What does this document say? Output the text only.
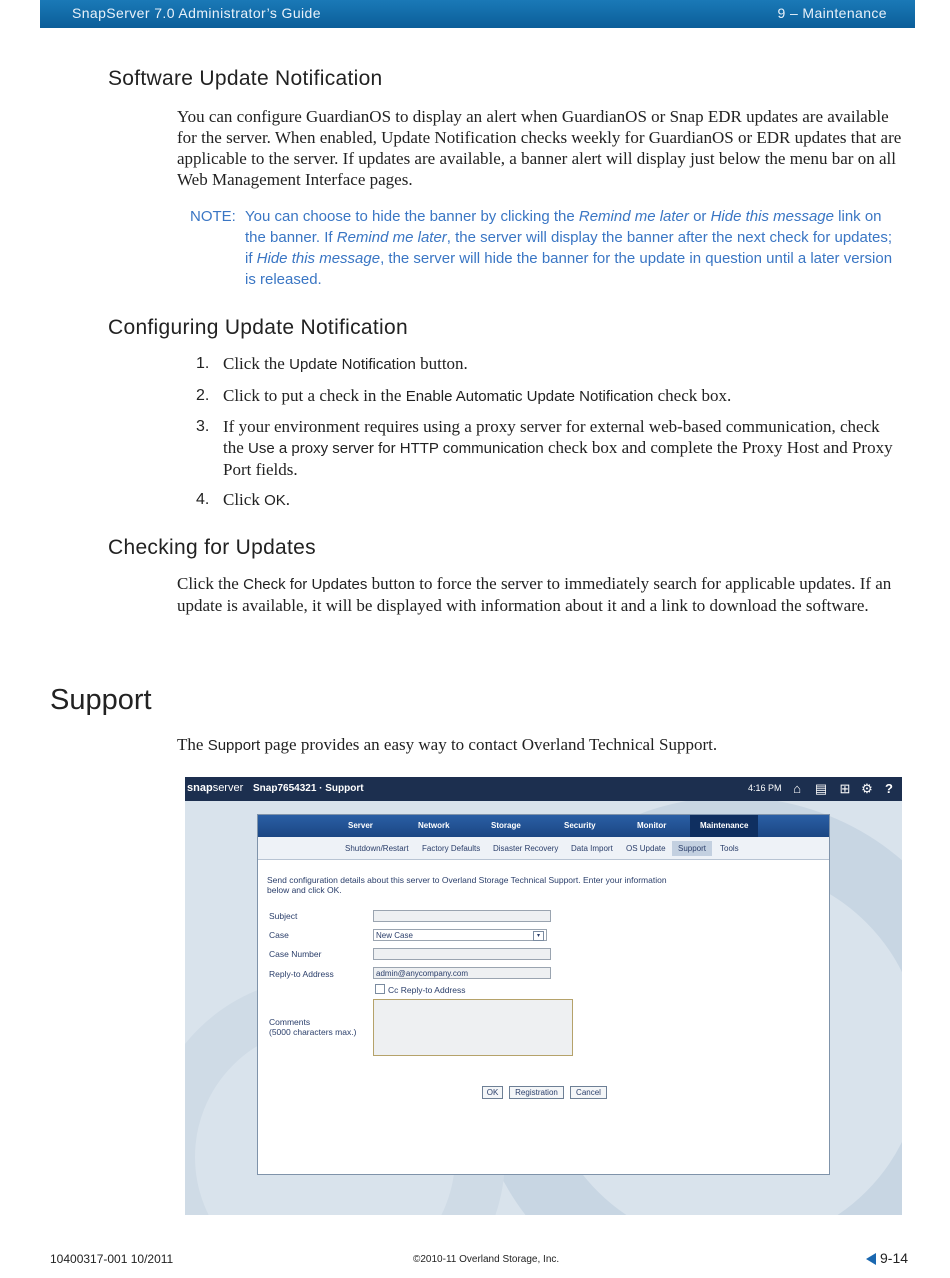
SnapServer 7.0 Administrator’s Guide	9 – Maintenance
Software Update Notification
You can configure GuardianOS to display an alert when GuardianOS or Snap EDR updates are available for the server. When enabled, Update Notification checks weekly for GuardianOS or EDR updates that are applicable to the server. If updates are available, a banner alert will display just below the menu bar on all Web Management Interface pages.
NOTE: You can choose to hide the banner by clicking the Remind me later or Hide this message link on the banner. If Remind me later, the server will display the banner after the next check for updates; if Hide this message, the server will hide the banner for the update in question until a later version is released.
Configuring Update Notification
1. Click the Update Notification button.
2. Click to put a check in the Enable Automatic Update Notification check box.
3. If your environment requires using a proxy server for external web-based communication, check the Use a proxy server for HTTP communication check box and complete the Proxy Host and Proxy Port fields.
4. Click OK.
Checking for Updates
Click the Check for Updates button to force the server to immediately search for applicable updates. If an update is available, it will be displayed with information about it and a link to download the software.
Support
The Support page provides an easy way to contact Overland Technical Support.
snapserver Snap7654321 · Support	4:16 PM ⌂	▤ ⊞ ⚙ ?
Server	Network	Storage	Security	Monitor	Maintenance
Shutdown/Restart Factory Defaults Disaster Recovery Data Import OS Update	Support	Tools
Send configuration details about this server to Overland Storage Technical Support. Enter your information below and click OK.
Subject
Case	New Case	▾
Case Number
Reply-to Address	admin@anycompany.com
Cc Reply-to Address
Comments
(5000 characters max.)
OK	Registration	Cancel
10400317-001 10/2011	©2010-11 Overland Storage, Inc.	9-14
